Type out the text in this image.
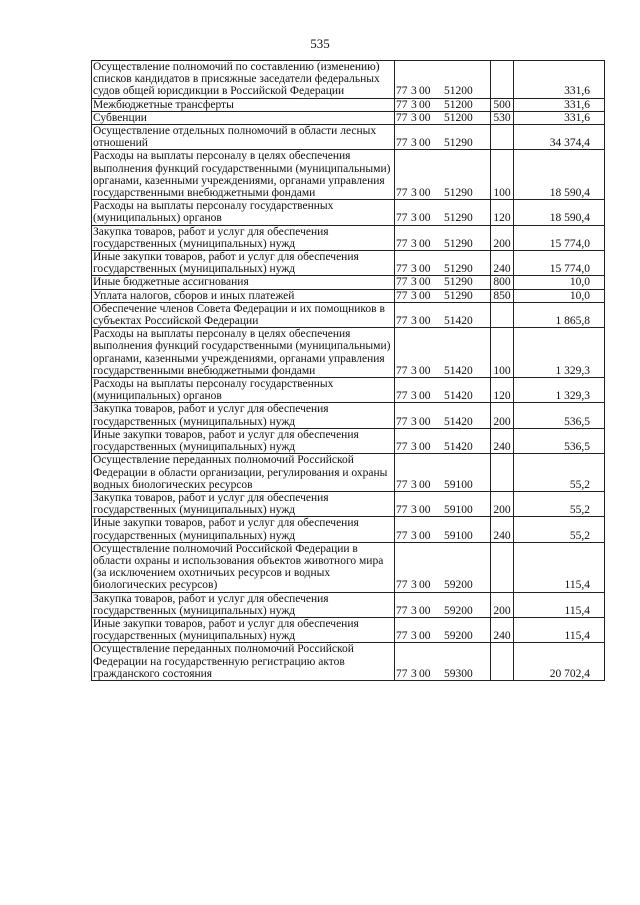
535
Осуществление полномочий по составлению (изменению) списков кандидатов в присяжные заседатели федеральных судов общей юрисдикции в Российской Федерации	77 3 00 51200		331,6
Межбюджетные трансферты	77 3 00 51200	500	331,6
Субвенции	77 3 00 51200	530	331,6
Осуществление отдельных полномочий в области лесных отношений	77 3 00 51290		34 374,4
Расходы на выплаты персоналу в целях обеспечения выполнения функций государственными (муниципальными) органами, казенными учреждениями, органами управления государственными внебюджетными фондами	77 3 00 51290	100	18 590,4
Расходы на выплаты персоналу государственных (муниципальных) органов	77 3 00 51290	120	18 590,4
Закупка товаров, работ и услуг для обеспечения государственных (муниципальных) нужд	77 3 00 51290	200	15 774,0
Иные закупки товаров, работ и услуг для обеспечения государственных (муниципальных) нужд	77 3 00 51290	240	15 774,0
Иные бюджетные ассигнования	77 3 00 51290	800	10,0
Уплата налогов, сборов и иных платежей	77 3 00 51290	850	10,0
Обеспечение членов Совета Федерации и их помощников в субъектах Российской Федерации	77 3 00 51420		1 865,8
Расходы на выплаты персоналу в целях обеспечения выполнения функций государственными (муниципальными) органами, казенными учреждениями, органами управления государственными внебюджетными фондами	77 3 00 51420	100	1 329,3
Расходы на выплаты персоналу государственных (муниципальных) органов	77 3 00 51420	120	1 329,3
Закупка товаров, работ и услуг для обеспечения государственных (муниципальных) нужд	77 3 00 51420	200	536,5
Иные закупки товаров, работ и услуг для обеспечения государственных (муниципальных) нужд	77 3 00 51420	240	536,5
Осуществление переданных полномочий Российской Федерации в области организации, регулирования и охраны водных биологических ресурсов	77 3 00 59100		55,2
Закупка товаров, работ и услуг для обеспечения государственных (муниципальных) нужд	77 3 00 59100	200	55,2
Иные закупки товаров, работ и услуг для обеспечения государственных (муниципальных) нужд	77 3 00 59100	240	55,2
Осуществление полномочий Российской Федерации в области охраны и использования объектов животного мира (за исключением охотничьих ресурсов и водных биологических ресурсов)	77 3 00 59200		115,4
Закупка товаров, работ и услуг для обеспечения государственных (муниципальных) нужд	77 3 00 59200	200	115,4
Иные закупки товаров, работ и услуг для обеспечения государственных (муниципальных) нужд	77 3 00 59200	240	115,4
Осуществление переданных полномочий Российской Федерации на государственную регистрацию актов гражданского состояния	77 3 00 59300		20 702,4
